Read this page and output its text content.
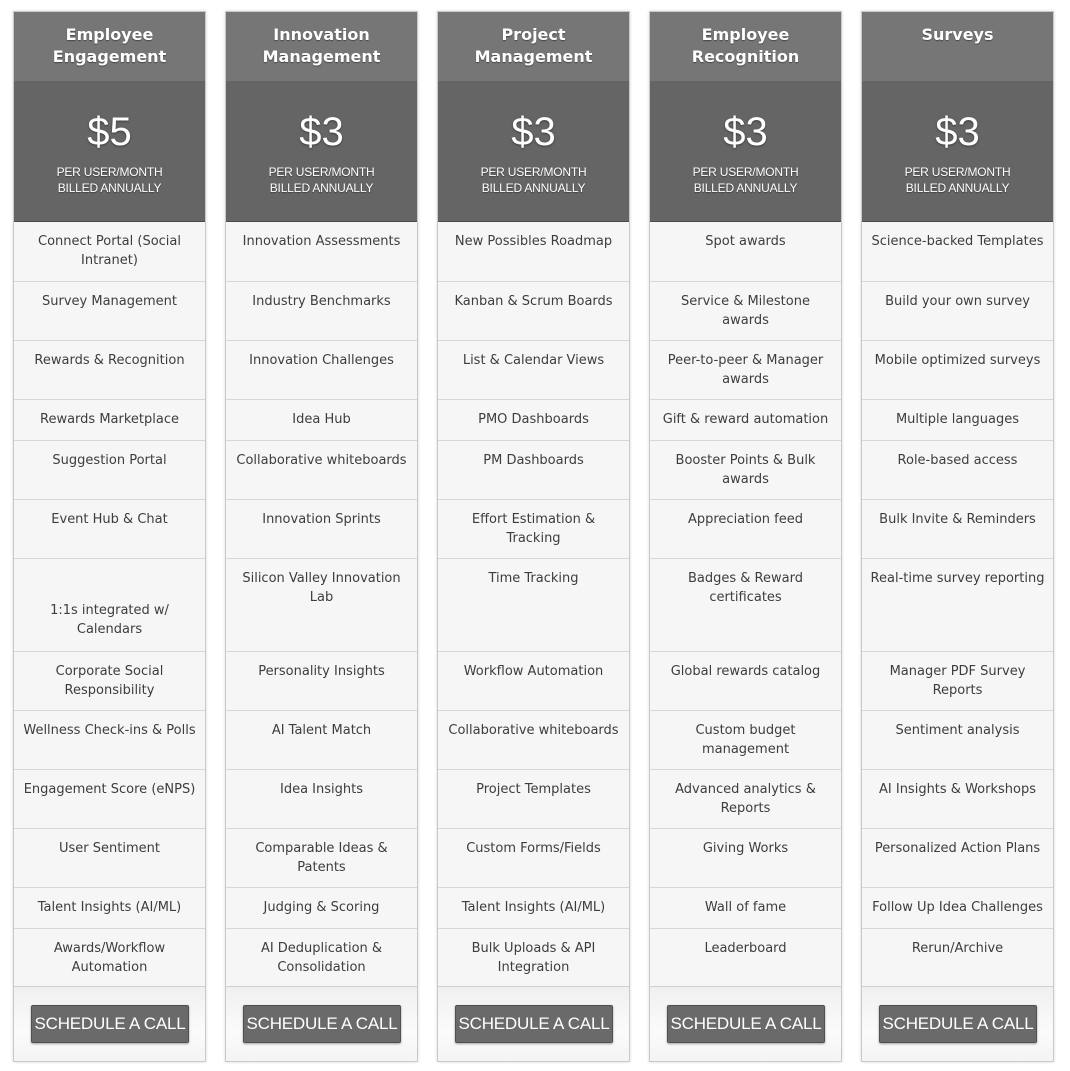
Employee
Engagement
$5
PER USER/MONTH
BILLED ANNUALLY
Connect Portal (Social Intranet)
Survey Management
Rewards & Recognition
Rewards Marketplace
Suggestion Portal
Event Hub & Chat
1:1s integrated w/ Calendars
Corporate Social Responsibility
Wellness Check-ins & Polls
Engagement Score (eNPS)
User Sentiment
Talent Insights (AI/ML)
Awards/Workflow Automation
SCHEDULE A CALL
Innovation
Management
$3
PER USER/MONTH
BILLED ANNUALLY
Innovation Assessments
Industry Benchmarks
Innovation Challenges
Idea Hub
Collaborative whiteboards
Innovation Sprints
Silicon Valley Innovation Lab
Personality Insights
AI Talent Match
Idea Insights
Comparable Ideas & Patents
Judging & Scoring
AI Deduplication & Consolidation
SCHEDULE A CALL
Project Management
$3
PER USER/MONTH
BILLED ANNUALLY
New Possibles Roadmap
Kanban & Scrum Boards
List & Calendar Views
PMO Dashboards
PM Dashboards
Effort Estimation & Tracking
Time Tracking
Workflow Automation
Collaborative whiteboards
Project Templates
Custom Forms/Fields
Talent Insights (AI/ML)
Bulk Uploads & API Integration
SCHEDULE A CALL
Employee
Recognition
$3
PER USER/MONTH
BILLED ANNUALLY
Spot awards
Service & Milestone awards
Peer-to-peer & Manager awards
Gift & reward automation
Booster Points & Bulk awards
Appreciation feed
Badges & Reward certificates
Global rewards catalog
Custom budget management
Advanced analytics & Reports
Giving Works
Wall of fame
Leaderboard
SCHEDULE A CALL
Surveys
$3
PER USER/MONTH
BILLED ANNUALLY
Science-backed Templates
Build your own survey
Mobile optimized surveys
Multiple languages
Role-based access
Bulk Invite & Reminders
Real-time survey reporting
Manager PDF Survey Reports
Sentiment analysis
AI Insights & Workshops
Personalized Action Plans
Follow Up Idea Challenges
Rerun/Archive
SCHEDULE A CALL
